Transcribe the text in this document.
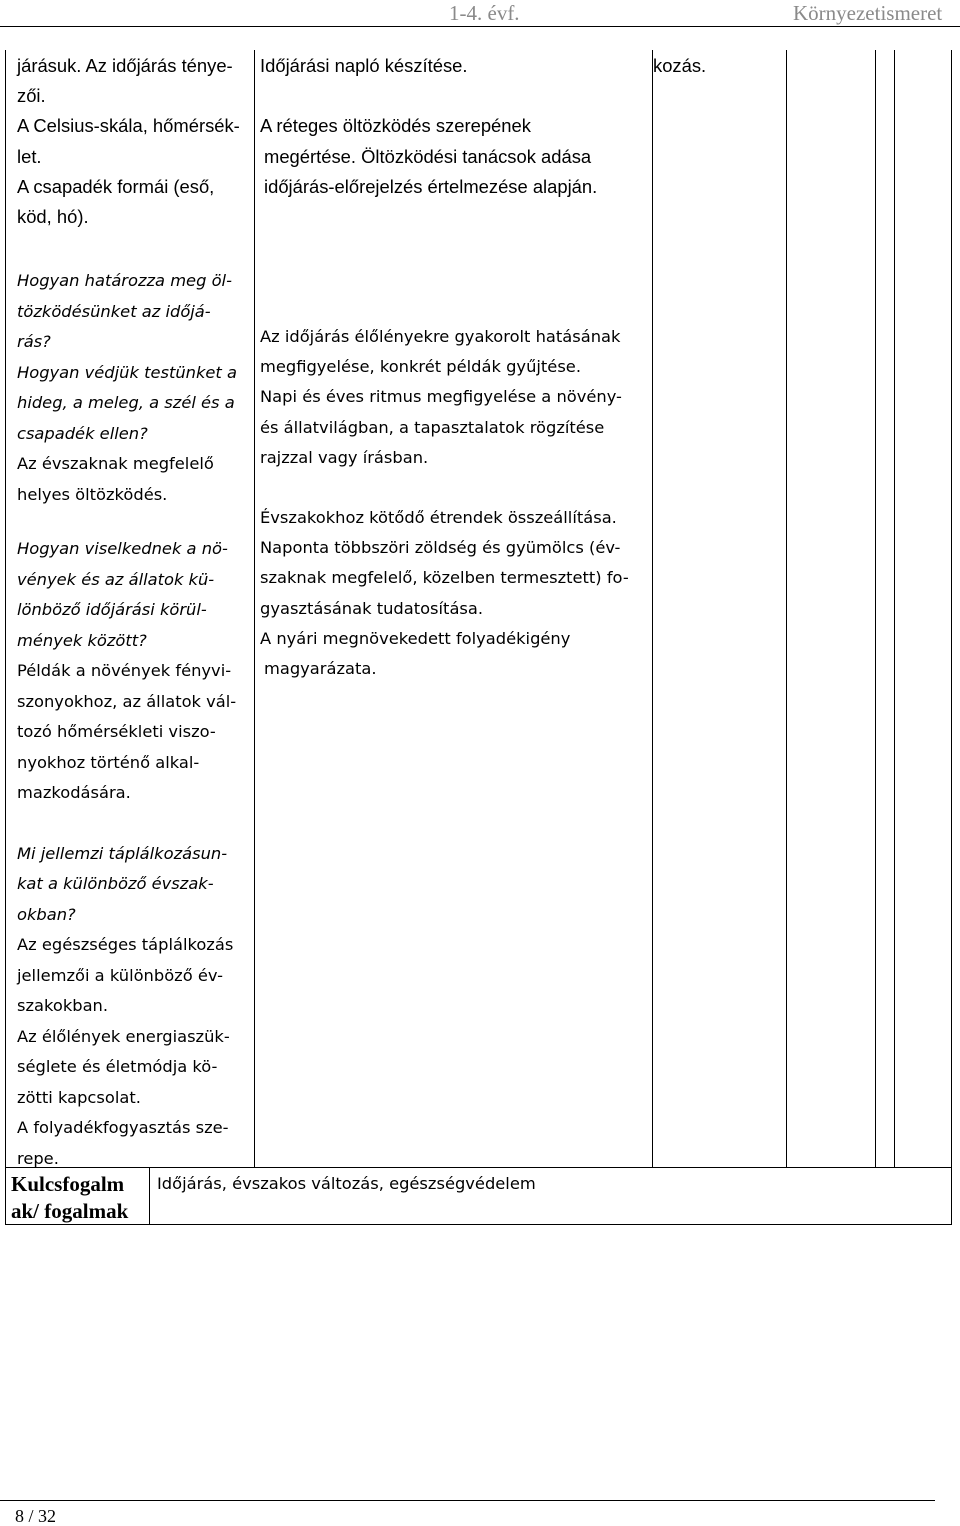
1-4. évf.	Környezetismeret
járásuk. Az időjárás ténye-
zői.
A Celsius-skála, hőmérsék-
let.
A csapadék formái (eső,
köd, hó).
Hogyan határozza meg öl-
tözködésünket az időjá-
rás?
Hogyan védjük testünket a
hideg, a meleg, a szél és a
csapadék ellen?
Az évszaknak megfelelő
helyes öltözködés.
Hogyan viselkednek a nö-
vények és az állatok kü-
lönböző időjárási körül-
mények között?
Példák a növények fényvi-
szonyokhoz, az állatok vál-
tozó hőmérsékleti viszo-
nyokhoz történő alkal-
mazkodására.
Mi jellemzi táplálkozásun-
kat a különböző évszak-
okban?
Az egészséges táplálkozás
jellemzői a különböző év-
szakokban.
Az élőlények energiaszük-
séglete és életmódja kö-
zötti kapcsolat.
A folyadékfogyasztás sze-
repe.
Időjárási napló készítése.

A réteges öltözködés szerepének
megértése. Öltözködési tanácsok adása
időjárás-előrejelzés értelmezése alapján.
Az időjárás élőlényekre gyakorolt hatásának
megfigyelése, konkrét példák gyűjtése.
Napi és éves ritmus megfigyelése a növény-
és állatvilágban, a tapasztalatok rögzítése
rajzzal vagy írásban.
Évszakokhoz kötődő étrendek összeállítása.
Naponta többszöri zöldség és gyümölcs (év-
szaknak megfelelő, közelben termesztett) fo-
gyasztásának tudatosítása.
A nyári megnövekedett folyadékigény
magyarázata.
kozás.
Kulcsfogalm
ak/ fogalmak
Időjárás, évszakos változás, egészségvédelem
8 / 32
